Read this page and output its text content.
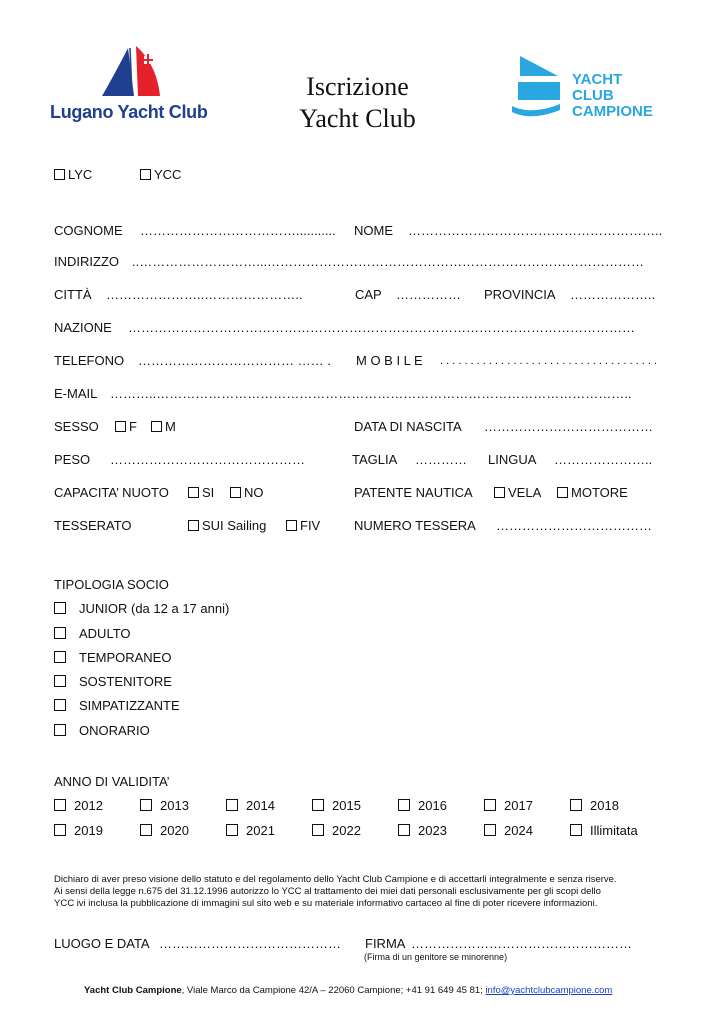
Lugano Yacht Club
Iscrizione
Yacht Club
YACHT
CLUB
CAMPIONE
LYC	YCC
COGNOME ………………………………........... NOME …………………………………………………..
INDIRIZZO ..………………………...……………………………………………………………………………
CITTÀ …………………..…………………..	CAP …………… PROVINCIA ………………..
NAZIONE ………………………………………………………………………………………………………
TELEFONO ……………………………… …… . M O B I L E . . . . . . . . . . . . . . . . . . . . . . . . . . . . . . . . . . . .
E-MAIL ………..………………………………………………………………………………………………..
SESSO	F	M	DATA DI NASCITA …………………………………
PESO ………………………………………	TAGLIA ………… LINGUA …………………..
CAPACITA’ NUOTO	SI	NO	PATENTE NAUTICA	VELA	MOTORE
TESSERATO	SUI Sailing	FIV	NUMERO TESSERA ………………………………
TIPOLOGIA SOCIO
JUNIOR (da 12 a 17 anni)
ADULTO
TEMPORANEO
SOSTENITORE
SIMPATIZZANTE
ONORARIO
ANNO DI VALIDITA’
2012	2013	2014	2015	2016	2017	2018
2019	2020	2021	2022	2023	2024	Illimitata
Dichiaro di aver preso visione dello statuto e del regolamento dello Yacht Club Campione e di accettarli integralmente e senza riserve.
Ai sensi della legge n.675 del 31.12.1996 autorizzo lo YCC al trattamento dei miei dati personali esclusivamente per gli scopi dello
YCC ivi inclusa la pubblicazione di immagini sul sito web e su materiale informativo cartaceo al fine di poter ricevere informazioni.
LUOGO E DATA …………………………………… FIRMA ……………………………………………
(Firma di un genitore se minorenne)
Yacht Club Campione, Viale Marco da Campione 42/A – 22060 Campione; +41 91 649 45 81; info@yachtclubcampione.com
